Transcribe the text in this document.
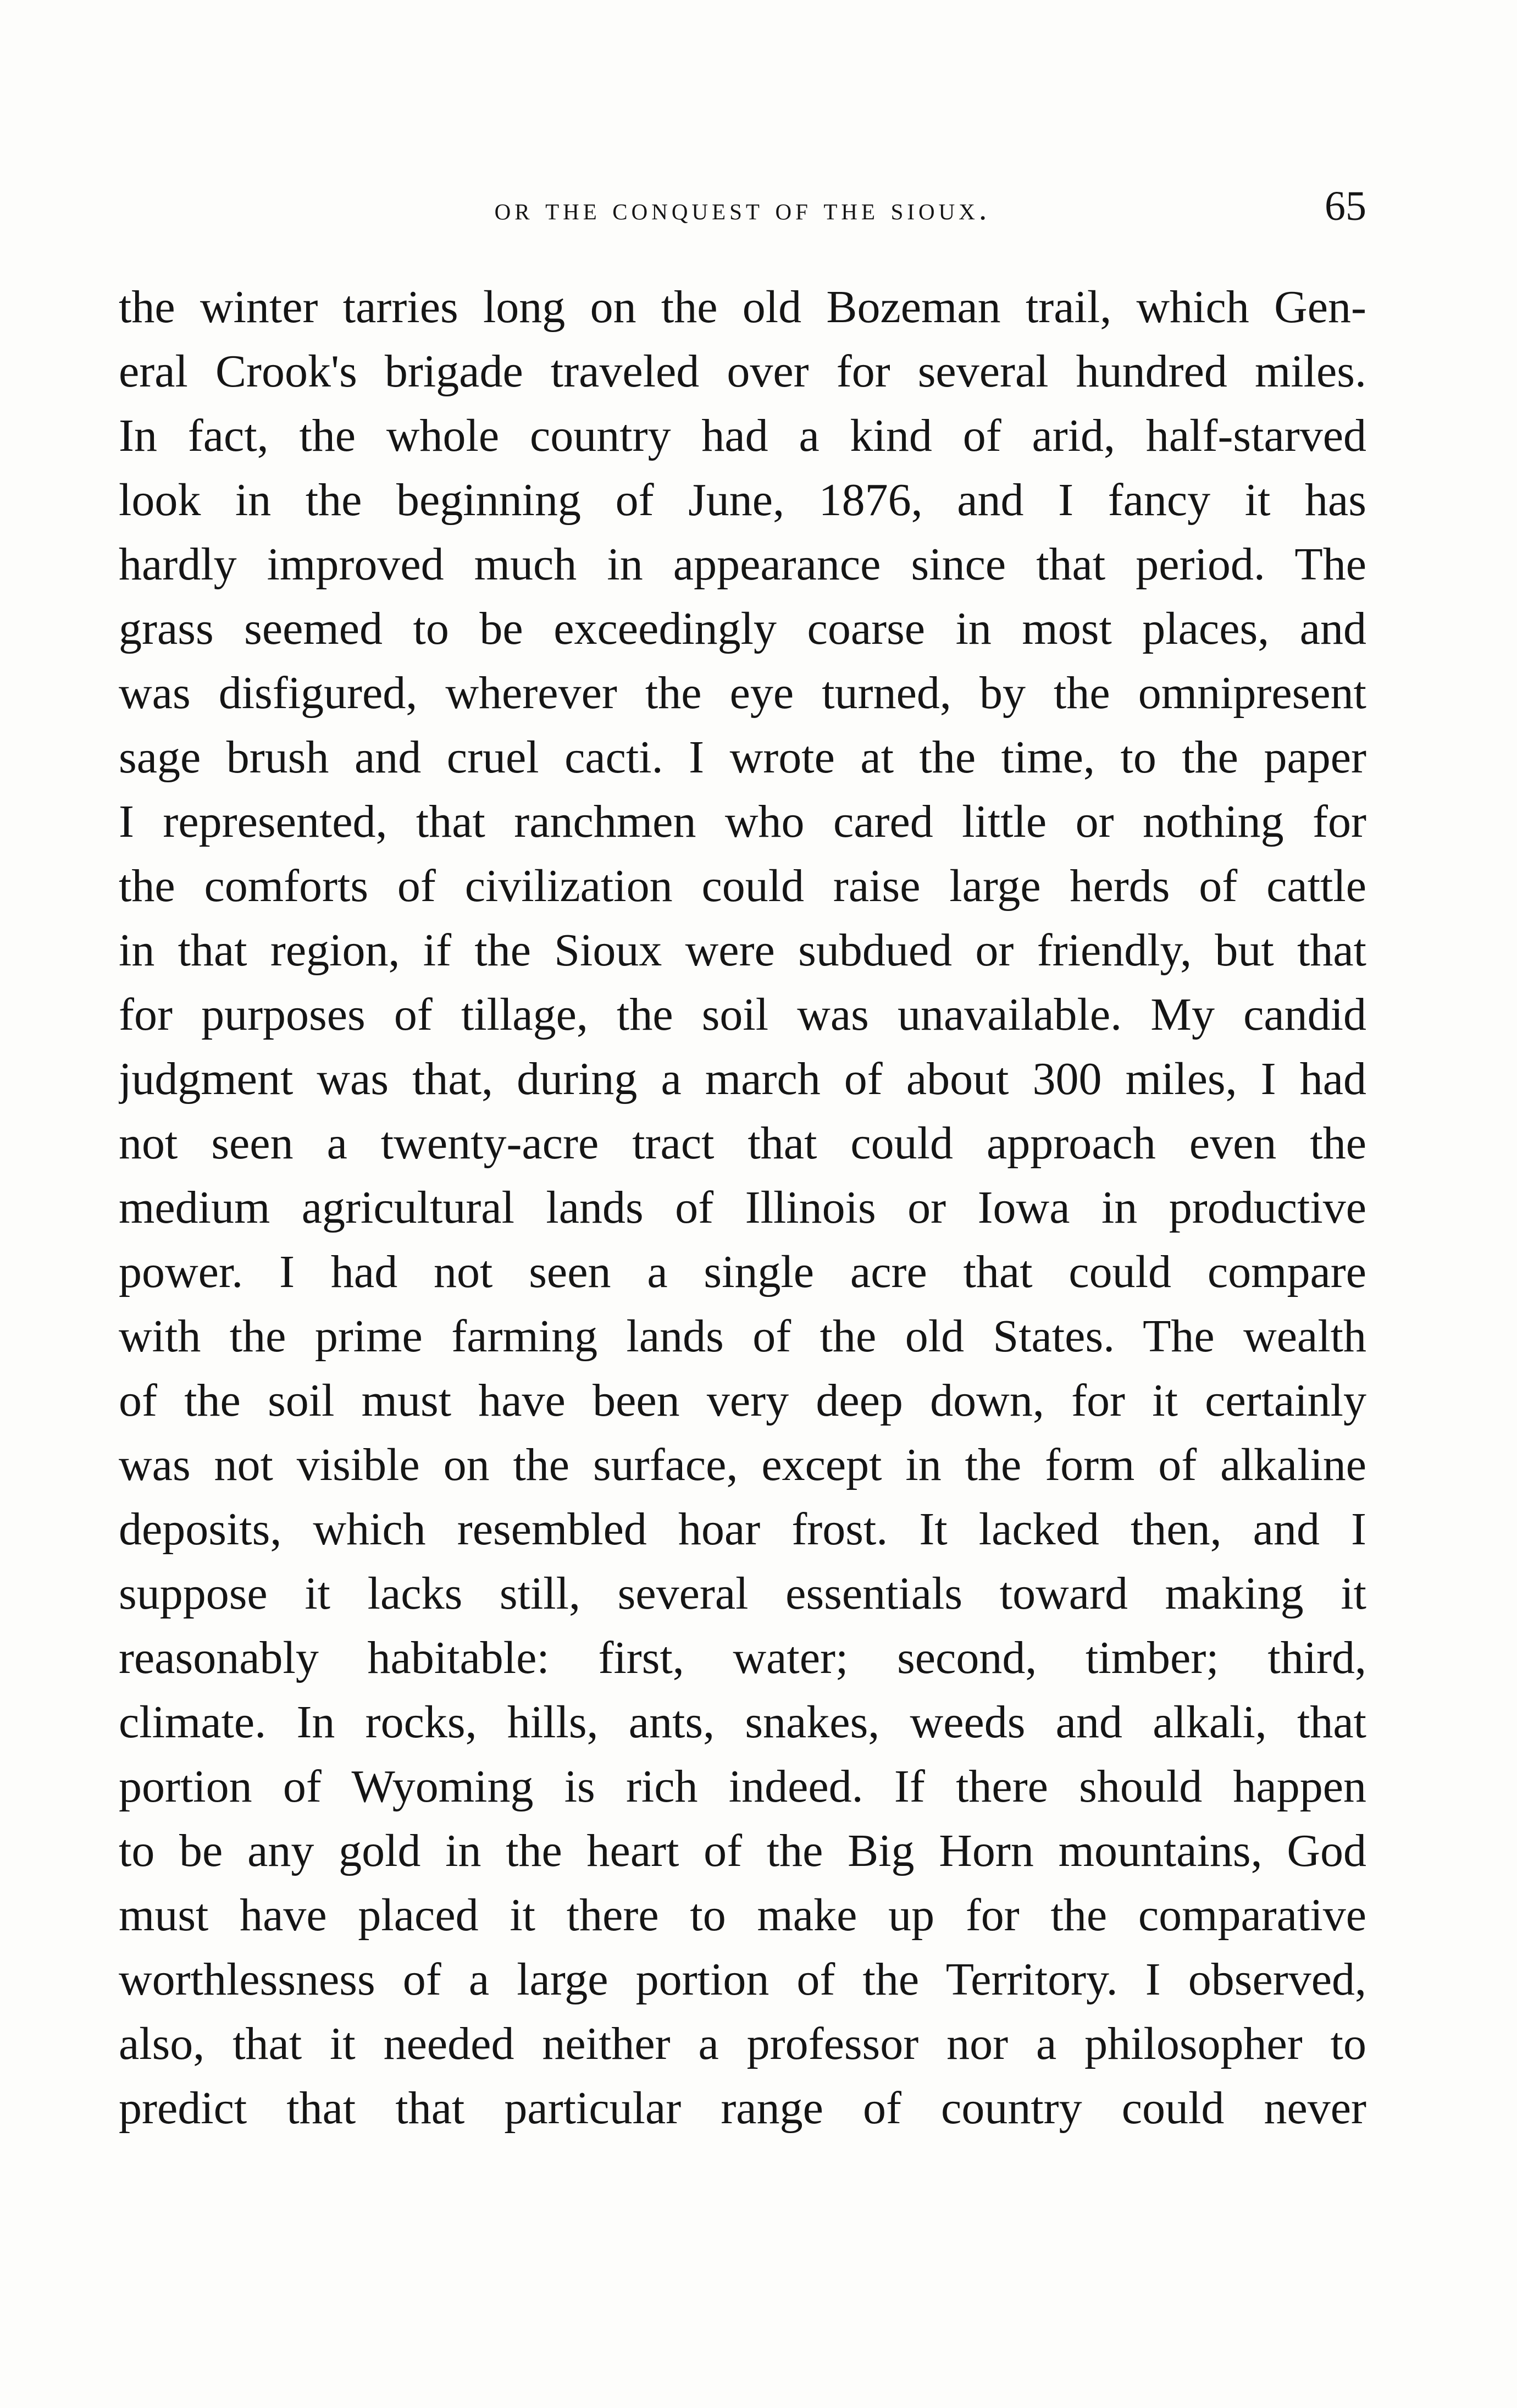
or the conquest of the sioux.	65
the winter tarries long on the old Bozeman trail, which Gen-
eral Crook's brigade traveled over for several hundred miles.
In fact, the whole country had a kind of arid, half-starved
look in the beginning of June, 1876, and I fancy it has
hardly improved much in appearance since that period. The
grass seemed to be exceedingly coarse in most places, and
was disfigured, wherever the eye turned, by the omnipresent
sage brush and cruel cacti. I wrote at the time, to the paper
I represented, that ranchmen who cared little or nothing for
the comforts of civilization could raise large herds of cattle
in that region, if the Sioux were subdued or friendly, but that
for purposes of tillage, the soil was unavailable. My candid
judgment was that, during a march of about 300 miles, I had
not seen a twenty-acre tract that could approach even the
medium agricultural lands of Illinois or Iowa in productive
power. I had not seen a single acre that could compare
with the prime farming lands of the old States. The wealth
of the soil must have been very deep down, for it certainly
was not visible on the surface, except in the form of alkaline
deposits, which resembled hoar frost. It lacked then, and I
suppose it lacks still, several essentials toward making it
reasonably habitable: first, water; second, timber; third,
climate. In rocks, hills, ants, snakes, weeds and alkali, that
portion of Wyoming is rich indeed. If there should happen
to be any gold in the heart of the Big Horn mountains, God
must have placed it there to make up for the comparative
worthlessness of a large portion of the Territory. I observed,
also, that it needed neither a professor nor a philosopher to
predict that that particular range of country could never
